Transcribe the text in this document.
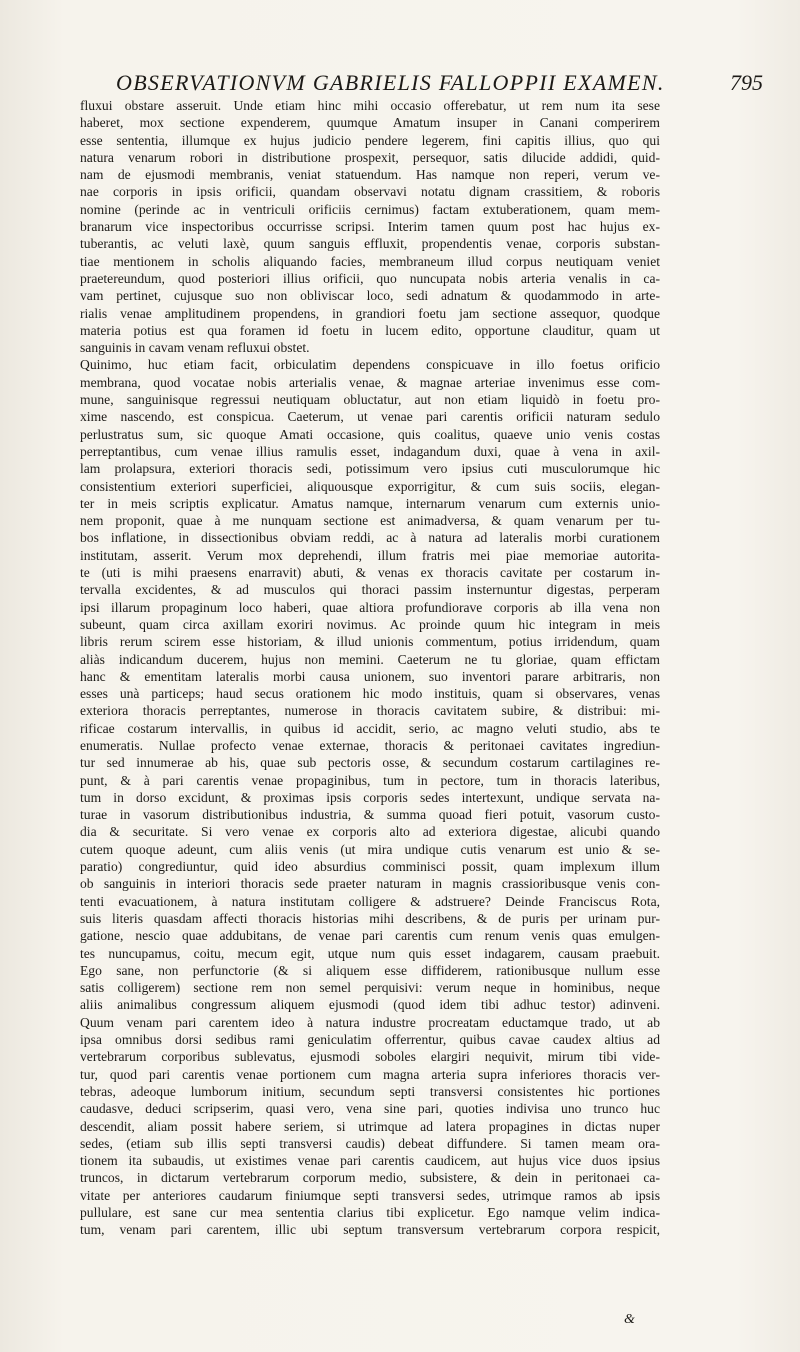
OBSERVATIONVM GABRIELIS FALLOPPII EXAMEN.	795
fluxui obstare asseruit. Unde etiam hinc mihi occasio offerebatur, ut rem num ita sese
haberet, mox sectione expenderem, quumque Amatum insuper in Canani comperirem
esse sententia, illumque ex hujus judicio pendere legerem, fini capitis illius, quo qui
natura venarum robori in distributione prospexit, persequor, satis dilucide addidi, quid-
nam de ejusmodi membranis, veniat statuendum. Has namque non reperi, verum ve-
nae corporis in ipsis orificii, quandam observavi notatu dignam crassitiem, & roboris
nomine (perinde ac in ventriculi orificiis cernimus) factam extuberationem, quam mem-
branarum vice inspectoribus occurrisse scripsi. Interim tamen quum post hac hujus ex-
tuberantis, ac veluti laxè, quum sanguis effluxit, propendentis venae, corporis substan-
tiae mentionem in scholis aliquando facies, membraneum illud corpus neutiquam veniet
praetereundum, quod posteriori illius orificii, quo nuncupata nobis arteria venalis in ca-
vam pertinet, cujusque suo non obliviscar loco, sedi adnatum & quodammodo in arte-
rialis venae amplitudinem propendens, in grandiori foetu jam sectione assequor, quodque
materia potius est qua foramen id foetu in lucem edito, opportune clauditur, quam ut
sanguinis in cavam venam refluxui obstet.
Quinimo, huc etiam facit, orbiculatim dependens conspicuave in illo foetus orificio
membrana, quod vocatae nobis arterialis venae, & magnae arteriae invenimus esse com-
mune, sanguinisque regressui neutiquam obluctatur, aut non etiam liquidò in foetu pro-
xime nascendo, est conspicua. Caeterum, ut venae pari carentis orificii naturam sedulo
perlustratus sum, sic quoque Amati occasione, quis coalitus, quaeve unio venis costas
perreptantibus, cum venae illius ramulis esset, indagandum duxi, quae à vena in axil-
lam prolapsura, exteriori thoracis sedi, potissimum vero ipsius cuti musculorumque hic
consistentium exteriori superficiei, aliquousque exporrigitur, & cum suis sociis, elegan-
ter in meis scriptis explicatur. Amatus namque, internarum venarum cum externis unio-
nem proponit, quae à me nunquam sectione est animadversa, & quam venarum per tu-
bos inflatione, in dissectionibus obviam reddi, ac à natura ad lateralis morbi curationem
institutam, asserit. Verum mox deprehendi, illum fratris mei piae memoriae autorita-
te (uti is mihi praesens enarravit) abuti, & venas ex thoracis cavitate per costarum in-
tervalla excidentes, & ad musculos qui thoraci passim insternuntur digestas, perperam
ipsi illarum propaginum loco haberi, quae altiora profundiorave corporis ab illa vena non
subeunt, quam circa axillam exoriri novimus. Ac proinde quum hic integram in meis
libris rerum scirem esse historiam, & illud unionis commentum, potius irridendum, quam
aliàs indicandum ducerem, hujus non memini. Caeterum ne tu gloriae, quam effictam
hanc & ementitam lateralis morbi causa unionem, suo inventori parare arbitraris, non
esses unà particeps; haud secus orationem hic modo instituis, quam si observares, venas
exteriora thoracis perreptantes, numerose in thoracis cavitatem subire, & distribui: mi-
rificae costarum intervallis, in quibus id accidit, serio, ac magno veluti studio, abs te
enumeratis. Nullae profecto venae externae, thoracis & peritonaei cavitates ingrediun-
tur sed innumerae ab his, quae sub pectoris osse, & secundum costarum cartilagines re-
punt, & à pari carentis venae propaginibus, tum in pectore, tum in thoracis lateribus,
tum in dorso excidunt, & proximas ipsis corporis sedes intertexunt, undique servata na-
turae in vasorum distributionibus industria, & summa quoad fieri potuit, vasorum custo-
dia & securitate. Si vero venae ex corporis alto ad exteriora digestae, alicubi quando
cutem quoque adeunt, cum aliis venis (ut mira undique cutis venarum est unio & se-
paratio) congrediuntur, quid ideo absurdius comminisci possit, quam implexum illum
ob sanguinis in interiori thoracis sede praeter naturam in magnis crassioribusque venis con-
tenti evacuationem, à natura institutam colligere & adstruere? Deinde Franciscus Rota,
suis literis quasdam affecti thoracis historias mihi describens, & de puris per urinam pur-
gatione, nescio quae addubitans, de venae pari carentis cum renum venis quas emulgen-
tes nuncupamus, coitu, mecum egit, utque num quis esset indagarem, causam praebuit.
Ego sane, non perfunctorie (& si aliquem esse diffiderem, rationibusque nullum esse
satis colligerem) sectione rem non semel perquisivi: verum neque in hominibus, neque
aliis animalibus congressum aliquem ejusmodi (quod idem tibi adhuc testor) adinveni.
Quum venam pari carentem ideo à natura industre procreatam eductamque trado, ut ab
ipsa omnibus dorsi sedibus rami geniculatim offerrentur, quibus cavae caudex altius ad
vertebrarum corporibus sublevatus, ejusmodi soboles elargiri nequivit, mirum tibi vide-
tur, quod pari carentis venae portionem cum magna arteria supra inferiores thoracis ver-
tebras, adeoque lumborum initium, secundum septi transversi consistentes hic portiones
caudasve, deduci scripserim, quasi vero, vena sine pari, quoties indivisa uno trunco huc
descendit, aliam possit habere seriem, si utrimque ad latera propagines in dictas nuper
sedes, (etiam sub illis septi transversi caudis) debeat diffundere. Si tamen meam ora-
tionem ita subaudis, ut existimes venae pari carentis caudicem, aut hujus vice duos ipsius
truncos, in dictarum vertebrarum corporum medio, subsistere, & dein in peritonaei ca-
vitate per anteriores caudarum finiumque septi transversi sedes, utrimque ramos ab ipsis
pullulare, est sane cur mea sententia clarius tibi explicetur. Ego namque velim indica-
tum, venam pari carentem, illic ubi septum transversum vertebrarum corpora respicit,
&
